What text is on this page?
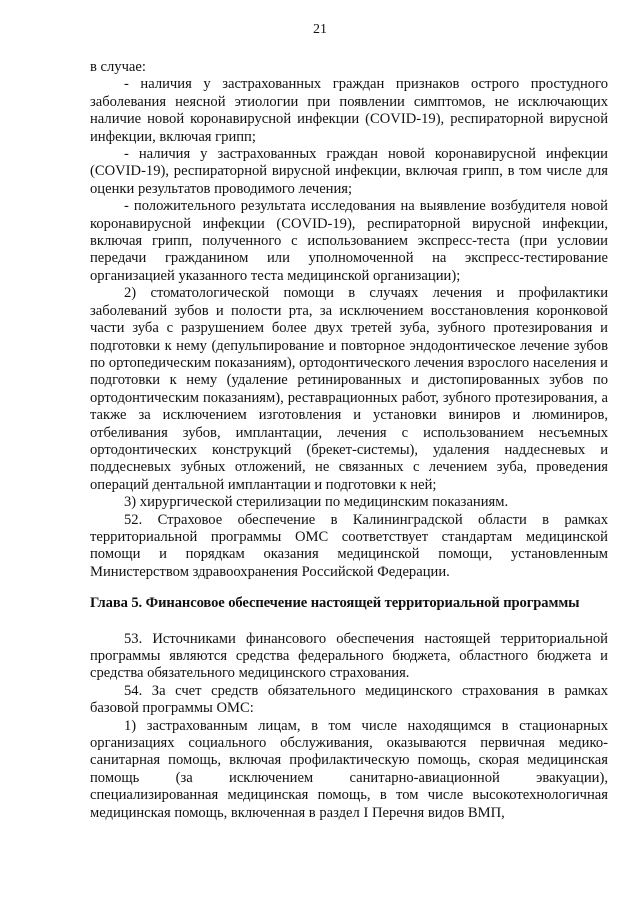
21

в случае:

- наличия у застрахованных граждан признаков острого простудного заболевания неясной этиологии при появлении симптомов, не исключающих наличие новой коронавирусной инфекции (COVID-19), респираторной вирусной инфекции, включая грипп;

- наличия у застрахованных граждан новой коронавирусной инфекции (COVID-19), респираторной вирусной инфекции, включая грипп, в том числе для оценки результатов проводимого лечения;

- положительного результата исследования на выявление возбудителя новой коронавирусной инфекции (COVID-19), респираторной вирусной инфекции, включая грипп, полученного с использованием экспресс-теста (при условии передачи гражданином или уполномоченной на экспресс-тестирование организацией указанного теста медицинской организации);

2) стоматологической помощи в случаях лечения и профилактики заболеваний зубов и полости рта, за исключением восстановления коронковой части зуба с разрушением более двух третей зуба, зубного протезирования и подготовки к нему (депульпирование и повторное эндодонтическое лечение зубов по ортопедическим показаниям), ортодонтического лечения взрослого населения и подготовки к нему (удаление ретинированных и дистопированных зубов по ортодонтическим показаниям), реставрационных работ, зубного протезирования, а также за исключением изготовления и установки виниров и люминиров, отбеливания зубов, имплантации, лечения с использованием несъемных ортодонтических конструкций (брекет-системы), удаления наддесневых и поддесневых зубных отложений, не связанных с лечением зуба, проведения операций дентальной имплантации и подготовки к ней;

3) хирургической стерилизации по медицинским показаниям.

52. Страховое обеспечение в Калининградской области в рамках территориальной программы ОМС соответствует стандартам медицинской помощи и порядкам оказания медицинской помощи, установленным Министерством здравоохранения Российской Федерации.

Глава 5. Финансовое обеспечение настоящей территориальной программы

53. Источниками финансового обеспечения настоящей территориальной программы являются средства федерального бюджета, областного бюджета и средства обязательного медицинского страхования.

54. За счет средств обязательного медицинского страхования в рамках базовой программы ОМС:

1) застрахованным лицам, в том числе находящимся в стационарных организациях социального обслуживания, оказываются первичная медико-санитарная помощь, включая профилактическую помощь, скорая медицинская помощь (за исключением санитарно-авиационной эвакуации), специализированная медицинская помощь, в том числе высокотехнологичная медицинская помощь, включенная в раздел I Перечня видов ВМП,
